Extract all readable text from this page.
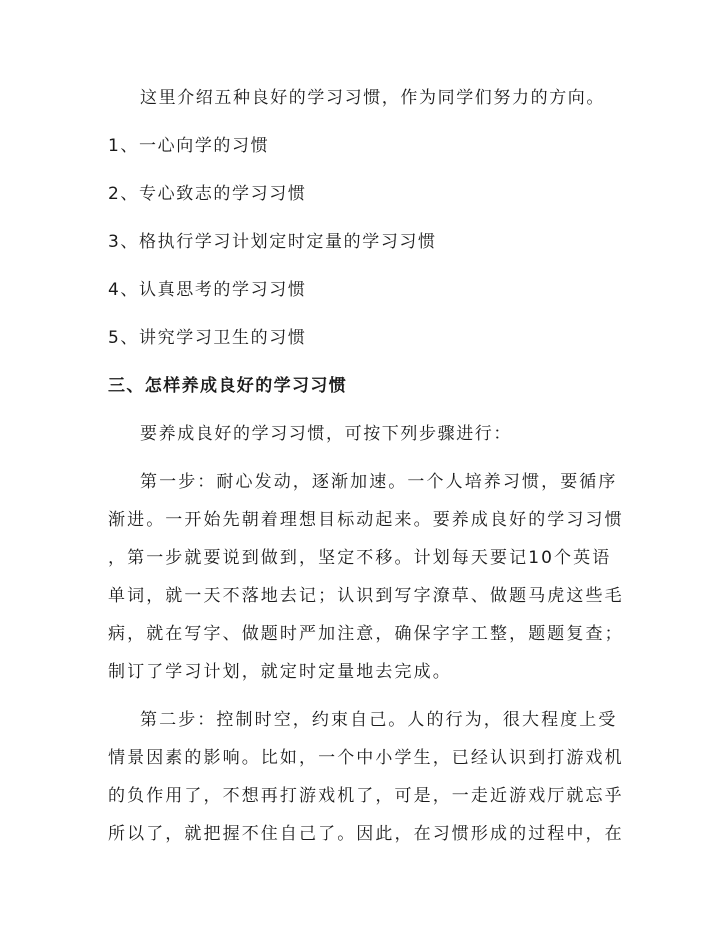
这里介绍五种良好的学习习惯，作为同学们努力的方向。
1、一心向学的习惯
2、专心致志的学习习惯
3、格执行学习计划定时定量的学习习惯
4、认真思考的学习习惯
5、讲究学习卫生的习惯
三、怎样养成良好的学习习惯
要养成良好的学习习惯，可按下列步骤进行：
第一步：耐心发动，逐渐加速。一个人培养习惯，要循序
渐进。一开始先朝着理想目标动起来。要养成良好的学习习惯
，第一步就要说到做到，坚定不移。计划每天要记10个英语
单词，就一天不落地去记；认识到写字潦草、做题马虎这些毛
病，就在写字、做题时严加注意，确保字字工整，题题复查；
制订了学习计划，就定时定量地去完成。
第二步：控制时空，约束自己。人的行为，很大程度上受
情景因素的影响。比如，一个中小学生，已经认识到打游戏机
的负作用了，不想再打游戏机了，可是，一走近游戏厅就忘乎
所以了，就把握不住自己了。因此，在习惯形成的过程中，在
